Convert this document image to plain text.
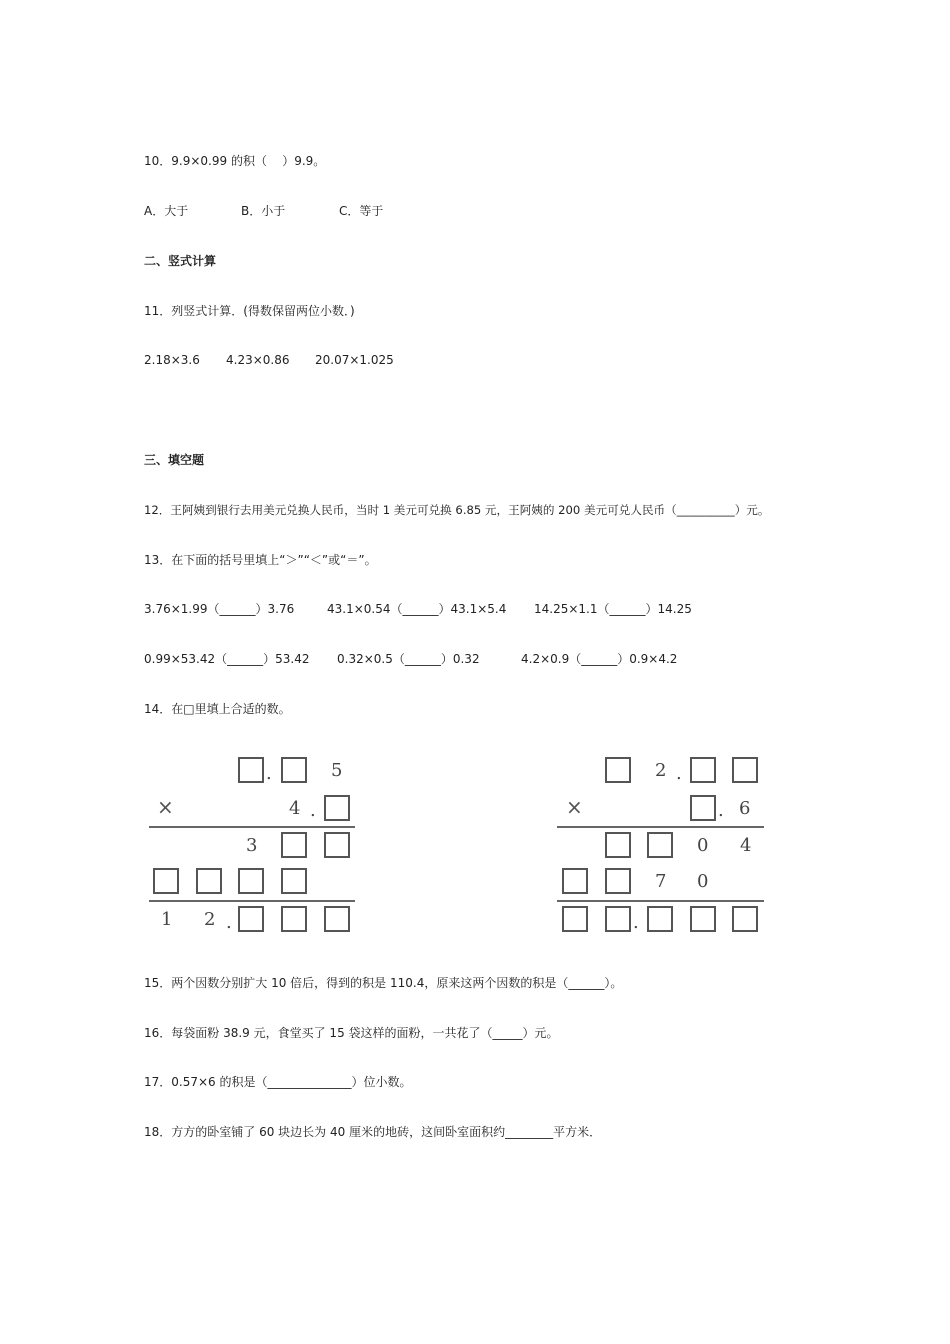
10．9.9×0.99 的积（    ）9.9。

A．大于

	B．小于

	C．等于

二、竖式计算
11．列竖式计算．(得数保留两位小数．)

2.18×3.6

4.23×0.86

20.07×1.025

三、填空题
12．王阿姨到银行去用美元兑换人民币，当时 1 美元可兑换 6.85 元，王阿姨的 200 美元可兑人民币（__________）元。
13．在下面的括号里填上“＞”“＜”或“＝”。

3.76×1.99（______）3.76

	43.1×0.54（______）43.1×5.4

14.25×1.1（______）14.25

0.99×53.42（______）53.42

0.32×0.5（______）0.32

	4.2×0.9（______）0.9×4.2

14．在□里填上合适的数。
.	5
×	4 .
3
1 2 .
2 .
×	. 6
0 4
7 0
.
15．两个因数分别扩大 10 倍后，得到的积是 110.4，原来这两个因数的积是（______）。
16．每袋面粉 38.9 元，食堂买了 15 袋这样的面粉，一共花了（_____）元。
17．0.57×6 的积是（______________）位小数。
18．方方的卧室铺了 60 块边长为 40 厘米的地砖，这间卧室面积约________平方米．
